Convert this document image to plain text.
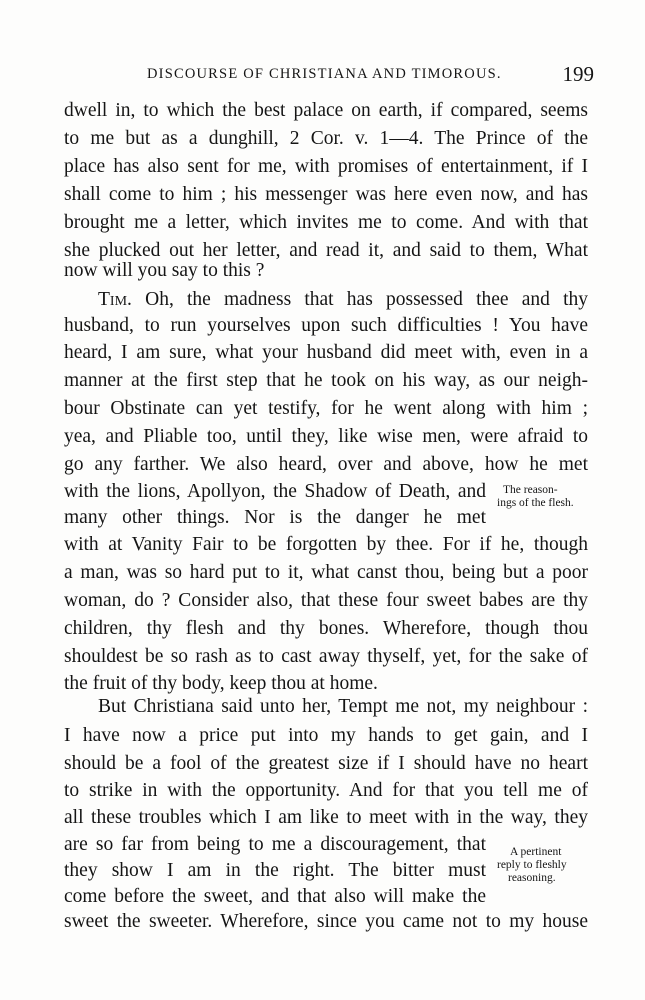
DISCOURSE OF CHRISTIANA AND TIMOROUS.	199
dwell in, to which the best palace on earth, if compared, seems
to me but as a dunghill, 2 Cor. v. 1—4. The Prince of the
place has also sent for me, with promises of entertainment, if I
shall come to him ; his messenger was here even now, and has
brought me a letter, which invites me to come. And with that
she plucked out her letter, and read it, and said to them, What
now will you say to this ?
Tim. Oh, the madness that has possessed thee and thy
husband, to run yourselves upon such difficulties ! You have
heard, I am sure, what your husband did meet with, even in a
manner at the first step that he took on his way, as our neigh-
bour Obstinate can yet testify, for he went along with him ;
yea, and Pliable too, until they, like wise men, were afraid to
go any farther. We also heard, over and above, how he met
with the lions, Apollyon, the Shadow of Death, and
many other things. Nor is the danger he met
The reason-
ings of the flesh.
with at Vanity Fair to be forgotten by thee. For if he, though
a man, was so hard put to it, what canst thou, being but a poor
woman, do ? Consider also, that these four sweet babes are thy
children, thy flesh and thy bones. Wherefore, though thou
shouldest be so rash as to cast away thyself, yet, for the sake of
the fruit of thy body, keep thou at home.
But Christiana said unto her, Tempt me not, my neighbour :
I have now a price put into my hands to get gain, and I
should be a fool of the greatest size if I should have no heart
to strike in with the opportunity. And for that you tell me of
all these troubles which I am like to meet with in the way, they
are so far from being to me a discouragement, that
they show I am in the right. The bitter must
come before the sweet, and that also will make the
A pertinent
reply to fleshly
reasoning.
sweet the sweeter. Wherefore, since you came not to my house
